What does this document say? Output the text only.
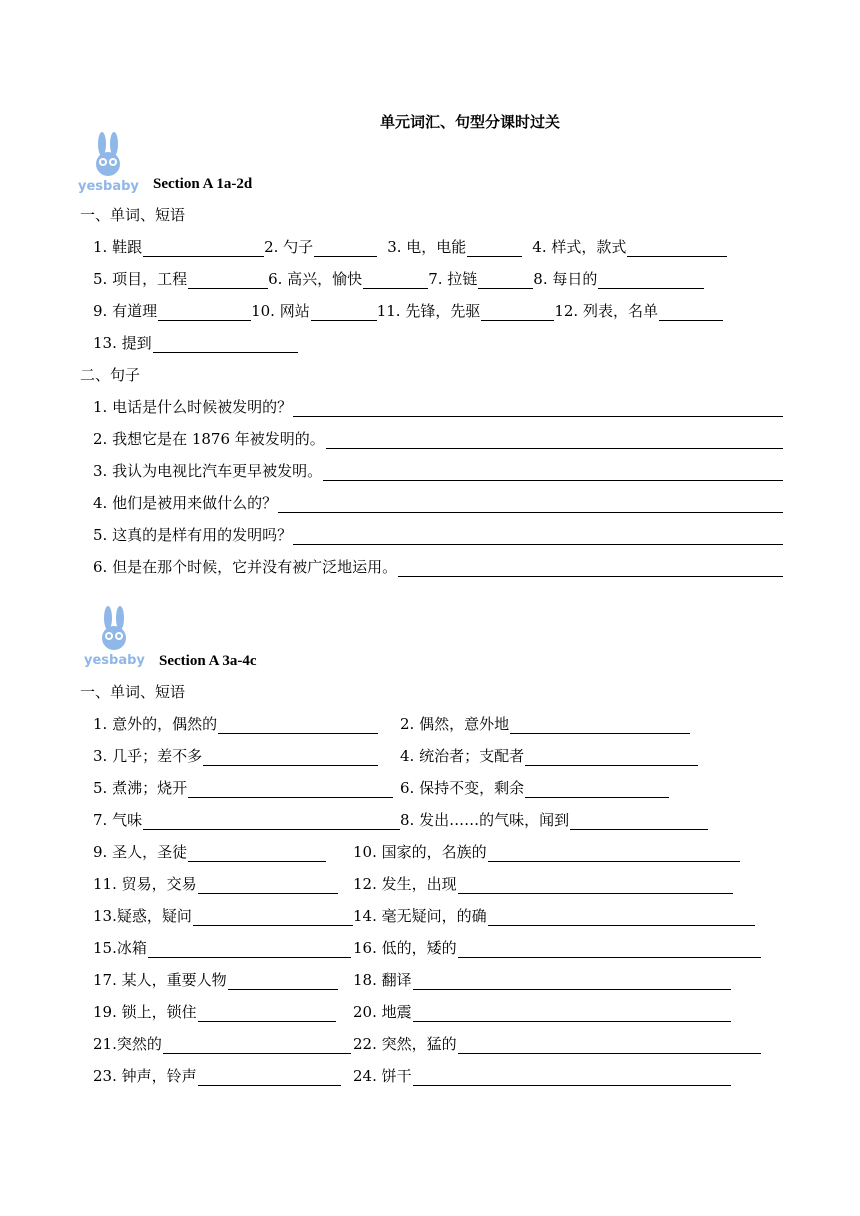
单元词汇、句型分课时过关
yesbaby Section A 1a-2d
一、单词、短语
1. 鞋跟	2. 勺子	3. 电，电能	4. 样式，款式
5. 项目，工程	6. 高兴，愉快	7. 拉链	8. 每日的
9. 有道理	10. 网站	11. 先锋，先驱	12. 列表，名单
13. 提到
二、句子
1. 电话是什么时候被发明的？
2. 我想它是在 1876 年被发明的。
3. 我认为电视比汽车更早被发明。
4. 他们是被用来做什么的？
5. 这真的是样有用的发明吗？
6. 但是在那个时候，它并没有被广泛地运用。
yesbaby Section A 3a-4c
一、单词、短语
1. 意外的，偶然的	2. 偶然，意外地
3. 几乎；差不多	4. 统治者；支配者
5. 煮沸；烧开	6. 保持不变，剩余
7. 气味	8. 发出……的气味，闻到
9. 圣人，圣徒	10. 国家的，名族的
11. 贸易，交易	12. 发生，出现
13.疑惑，疑问	14. 毫无疑问，的确
15.冰箱	16. 低的，矮的
17. 某人，重要人物	18. 翻译
19. 锁上，锁住	20. 地震
21.突然的	22. 突然，猛的
23. 钟声，铃声	24. 饼干
